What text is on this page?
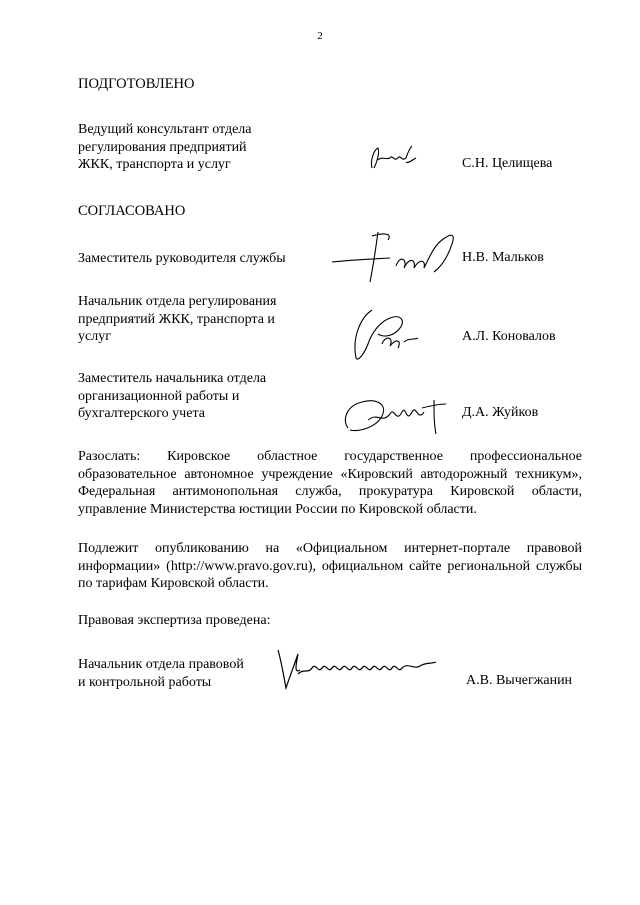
2
ПОДГОТОВЛЕНО
Ведущий консультант отдела
регулирования предприятий
ЖКК, транспорта и услуг	С.Н. Целищева
СОГЛАСОВАНО
Заместитель руководителя службы	Н.В. Мальков
Начальник отдела регулирования
предприятий ЖКК, транспорта и
услуг	А.Л. Коновалов
Заместитель начальника отдела
организационной работы и
бухгалтерского учета	Д.А. Жуйков
Разослать: Кировское областное государственное профессиональное образовательное автономное учреждение «Кировский автодорожный техникум», Федеральная антимонопольная служба, прокуратура Кировской области, управление Министерства юстиции России по Кировской области.
Подлежит опубликованию на «Официальном интернет-портале правовой информации» (http://www.pravo.gov.ru), официальном сайте региональной службы по тарифам Кировской области.
Правовая экспертиза проведена:
Начальник отдела правовой
и контрольной работы	А.В. Вычегжанин
